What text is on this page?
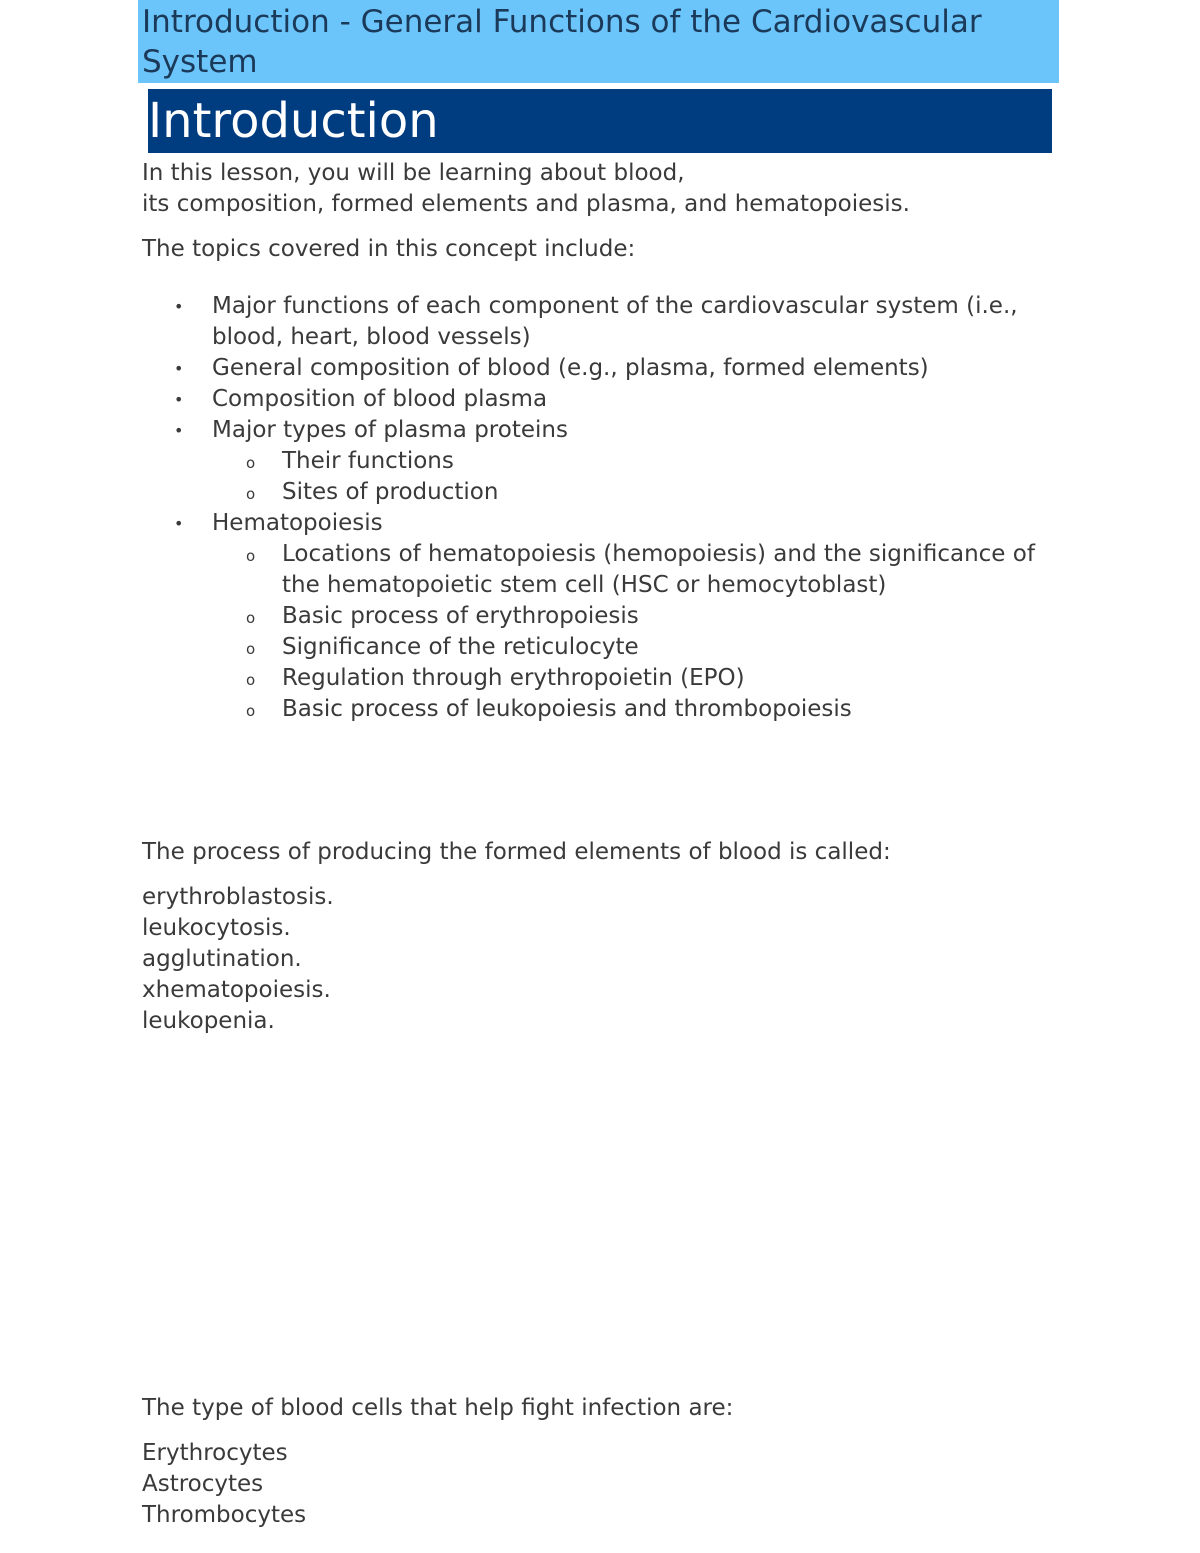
Introduction - General Functions of the Cardiovascular System
Introduction

In this lesson, you will be learning about blood,
its composition, formed elements and plasma, and hematopoiesis.

The topics covered in this concept include:

• Major functions of each component of the cardiovascular system (i.e., blood, heart, blood vessels)
• General composition of blood (e.g., plasma, formed elements)
• Composition of blood plasma
• Major types of plasma proteins
o Their functions
o Sites of production
• Hematopoiesis
o Locations of hematopoiesis (hemopoiesis) and the significance of the hematopoietic stem cell (HSC or hemocytoblast)
o Basic process of erythropoiesis
o Significance of the reticulocyte
o Regulation through erythropoietin (EPO)
o Basic process of leukopoiesis and thrombopoiesis

The process of producing the formed elements of blood is called:

erythroblastosis.

leukocytosis.

agglutination.

xhematopoiesis.

leukopenia.

The type of blood cells that help fight infection are:

Erythrocytes

Astrocytes

Thrombocytes
